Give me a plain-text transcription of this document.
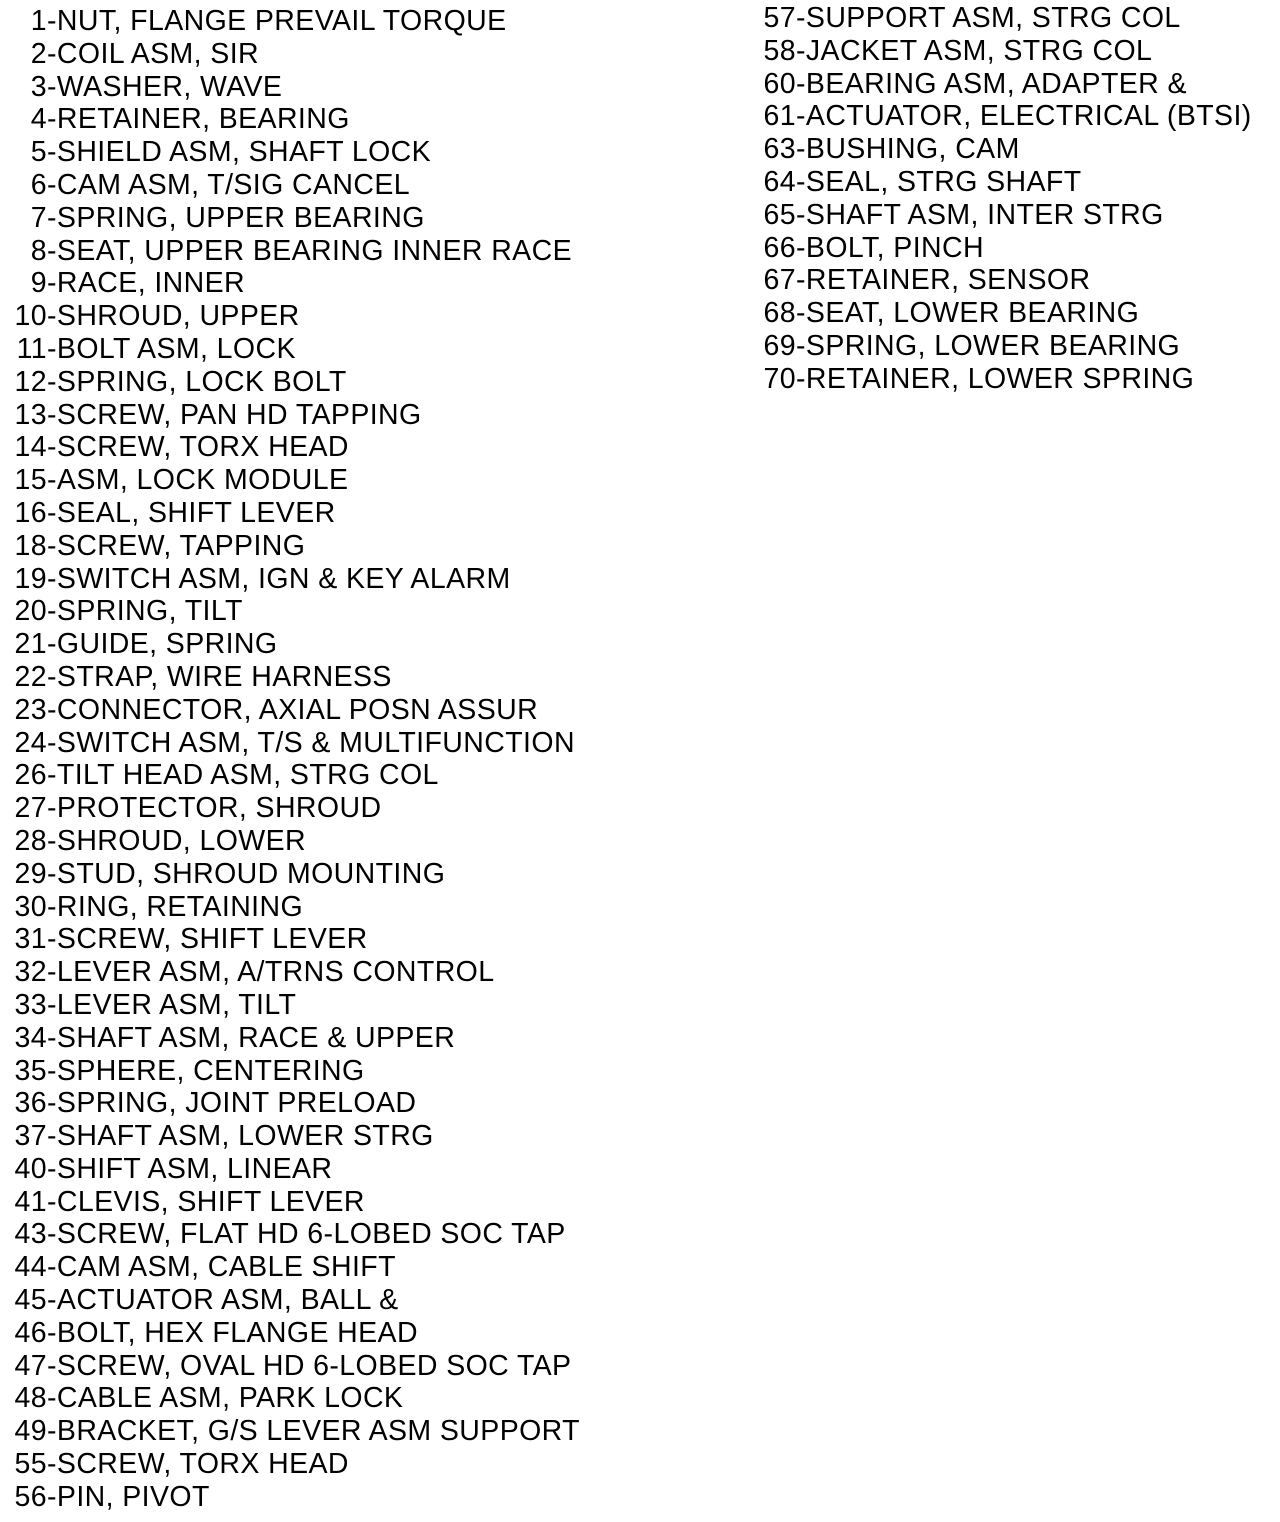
1 - NUT, FLANGE PREVAIL TORQUE
2 - COIL ASM, SIR
3 - WASHER, WAVE
4 - RETAINER, BEARING
5 - SHIELD ASM, SHAFT LOCK
6 - CAM ASM, T/SIG CANCEL
7 - SPRING, UPPER BEARING
8 - SEAT, UPPER BEARING INNER RACE
9 - RACE, INNER
10 - SHROUD, UPPER
11 - BOLT ASM, LOCK
12 - SPRING, LOCK BOLT
13 - SCREW, PAN HD TAPPING
14 - SCREW, TORX HEAD
15 - ASM, LOCK MODULE
16 - SEAL, SHIFT LEVER
18 - SCREW, TAPPING
19 - SWITCH ASM, IGN & KEY ALARM
20 - SPRING, TILT
21 - GUIDE, SPRING
22 - STRAP, WIRE HARNESS
23 - CONNECTOR, AXIAL POSN ASSUR
24 - SWITCH ASM, T/S & MULTIFUNCTION
26 - TILT HEAD ASM, STRG COL
27 - PROTECTOR, SHROUD
28 - SHROUD, LOWER
29 - STUD, SHROUD MOUNTING
30 - RING, RETAINING
31 - SCREW, SHIFT LEVER
32 - LEVER ASM, A/TRNS CONTROL
33 - LEVER ASM, TILT
34 - SHAFT ASM, RACE & UPPER
35 - SPHERE, CENTERING
36 - SPRING, JOINT PRELOAD
37 - SHAFT ASM, LOWER STRG
40 - SHIFT ASM, LINEAR
41 - CLEVIS, SHIFT LEVER
43 - SCREW, FLAT HD 6-LOBED SOC TAP
44 - CAM ASM, CABLE SHIFT
45 - ACTUATOR ASM, BALL &
46 - BOLT, HEX FLANGE HEAD
47 - SCREW, OVAL HD 6-LOBED SOC TAP
48 - CABLE ASM, PARK LOCK
49 - BRACKET, G/S LEVER ASM SUPPORT
55 - SCREW, TORX HEAD
56 - PIN, PIVOT
57 - SUPPORT ASM, STRG COL
58 - JACKET ASM, STRG COL
60 - BEARING ASM, ADAPTER &
61 - ACTUATOR, ELECTRICAL (BTSI)
63 - BUSHING, CAM
64 - SEAL, STRG SHAFT
65 - SHAFT ASM, INTER STRG
66 - BOLT, PINCH
67 - RETAINER, SENSOR
68 - SEAT, LOWER BEARING
69 - SPRING, LOWER BEARING
70 - RETAINER, LOWER SPRING
